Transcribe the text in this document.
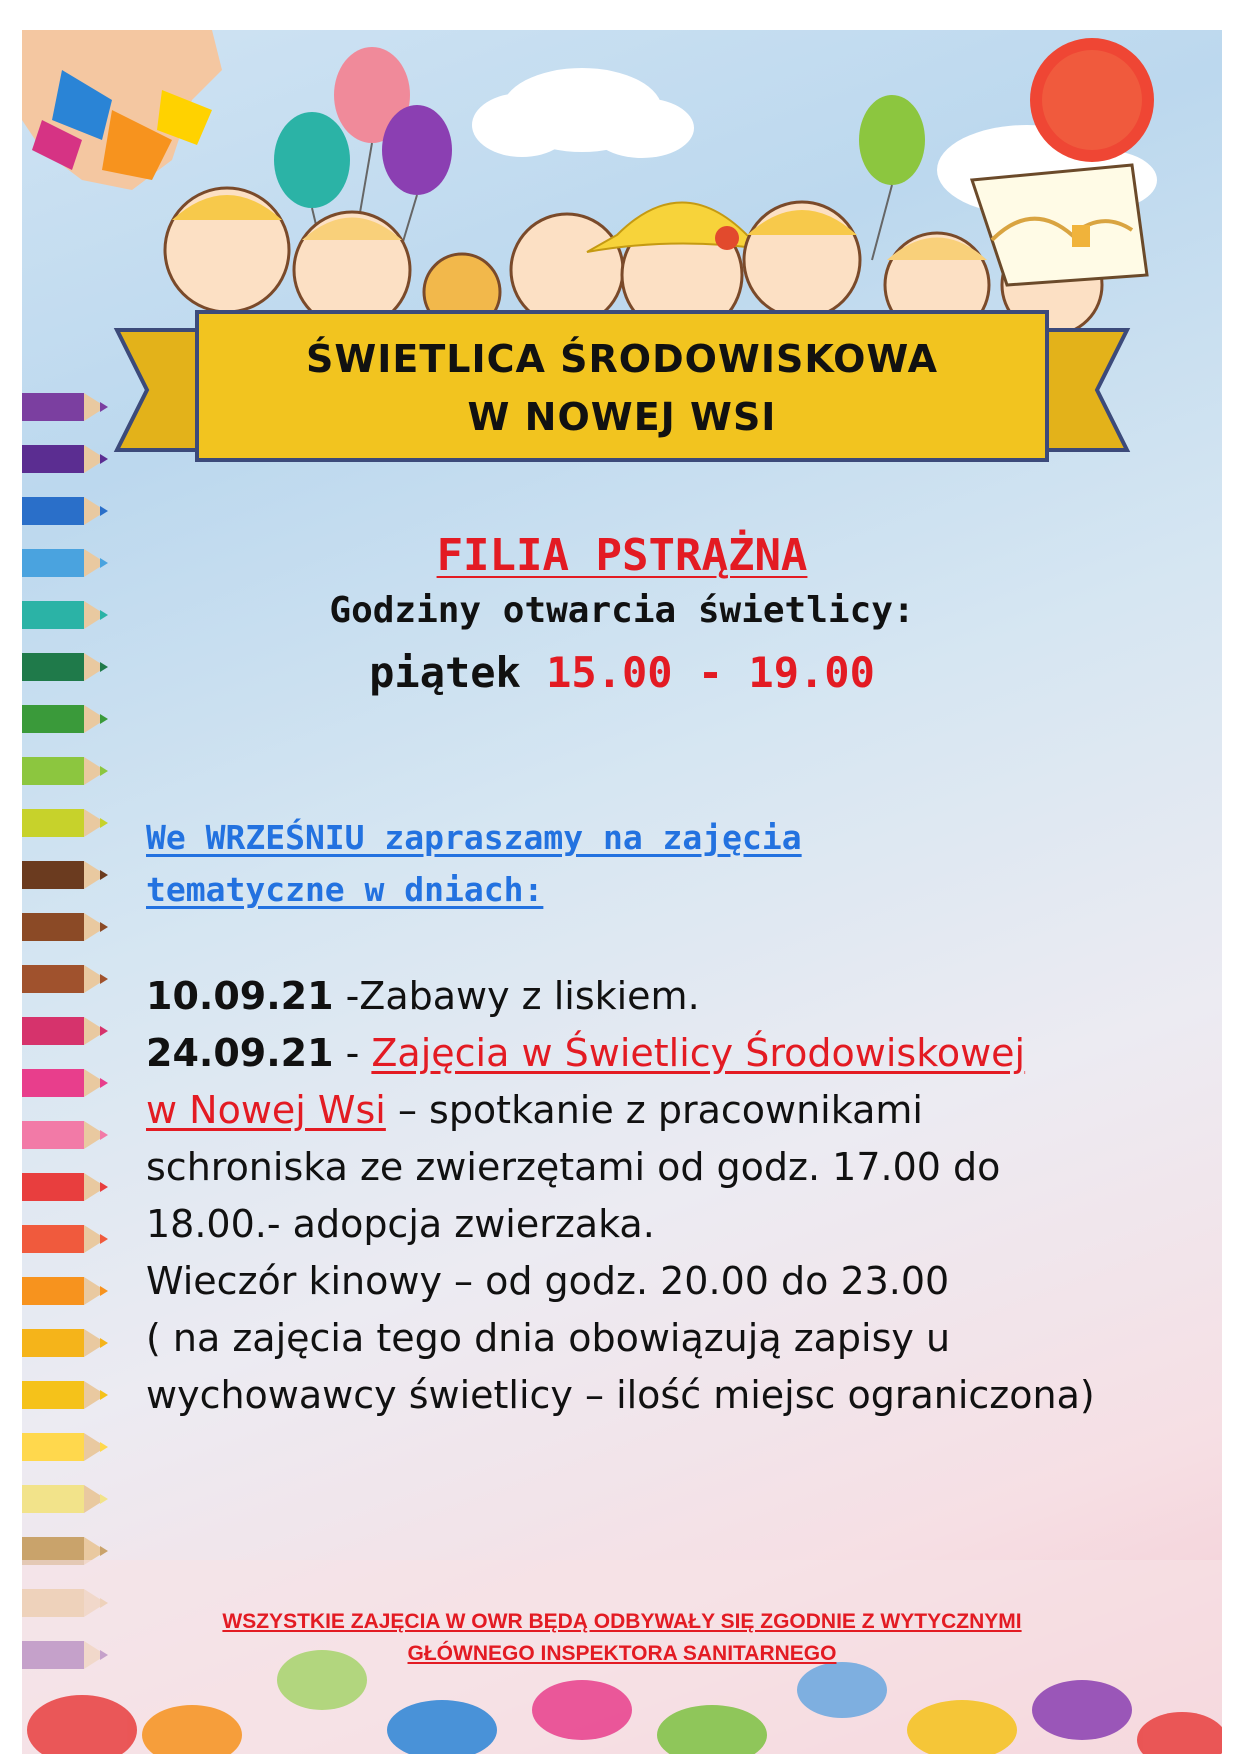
ŚWIETLICA ŚRODOWISKOWA
W NOWEJ WSI
FILIA PSTRĄŻNA
Godziny otwarcia świetlicy:
piątek 15.00 - 19.00
We WRZEŚNIU zapraszamy na zajęcia
tematyczne w dniach:
10.09.21 -Zabawy z liskiem.
24.09.21 - Zajęcia w Świetlicy Środowiskowej
w Nowej Wsi – spotkanie z pracownikami
schroniska ze zwierzętami od godz. 17.00 do
18.00.- adopcja zwierzaka.
Wieczór kinowy – od godz. 20.00 do 23.00
( na zajęcia tego dnia obowiązują zapisy u
wychowawcy świetlicy – ilość miejsc ograniczona)
WSZYSTKIE ZAJĘCIA W OWR BĘDĄ ODBYWAŁY SIĘ ZGODNIE Z WYTYCZNYMI
GŁÓWNEGO INSPEKTORA SANITARNEGO
